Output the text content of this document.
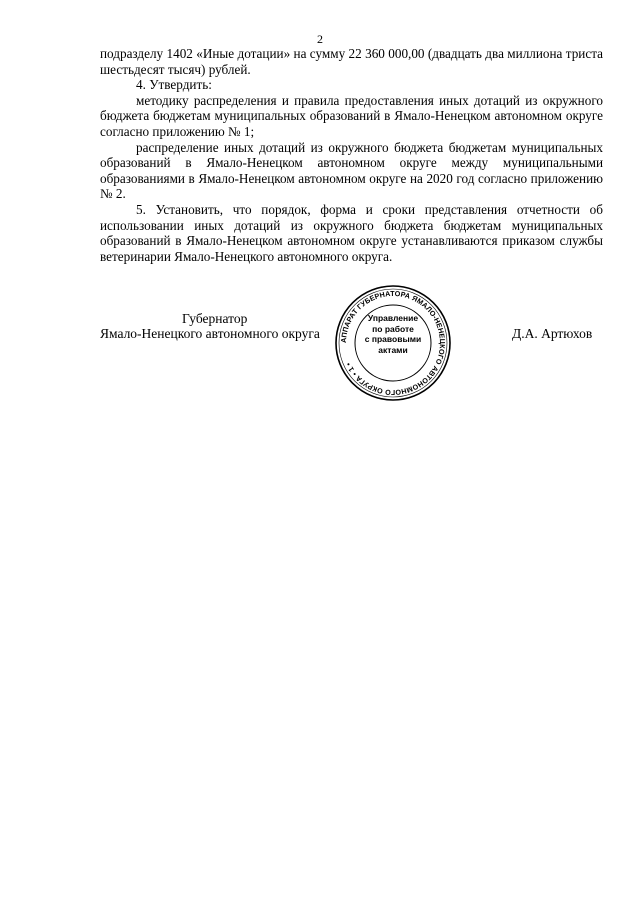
2

подразделу 1402 «Иные дотации» на сумму 22 360 000,00 (двадцать два миллиона триста шестьдесят тысяч) рублей.

4. Утвердить:

методику распределения и правила предоставления иных дотаций из окружного бюджета бюджетам муниципальных образований в Ямало-Ненецком автономном округе согласно приложению № 1;

распределение иных дотаций из окружного бюджета бюджетам муниципальных образований в Ямало-Ненецком автономном округе между муниципальными образованиями в Ямало-Ненецком автономном округе на 2020 год согласно приложению № 2.

5. Установить, что порядок, форма и сроки представления отчетности об использовании иных дотаций из окружного бюджета бюджетам муниципальных образований в Ямало-Ненецком автономном округе устанавливаются приказом службы ветеринарии Ямало-Ненецкого автономного округа.

Губернатор
Ямало-Ненецкого автономного округа	Д.А. Артюхов
АППАРАТ ГУБЕРНАТОРА ЯМАЛО-НЕНЕЦКОГО АВТОНОМНОГО ОКРУГА • 1 •
Управление
по работе
с правовыми
актами
